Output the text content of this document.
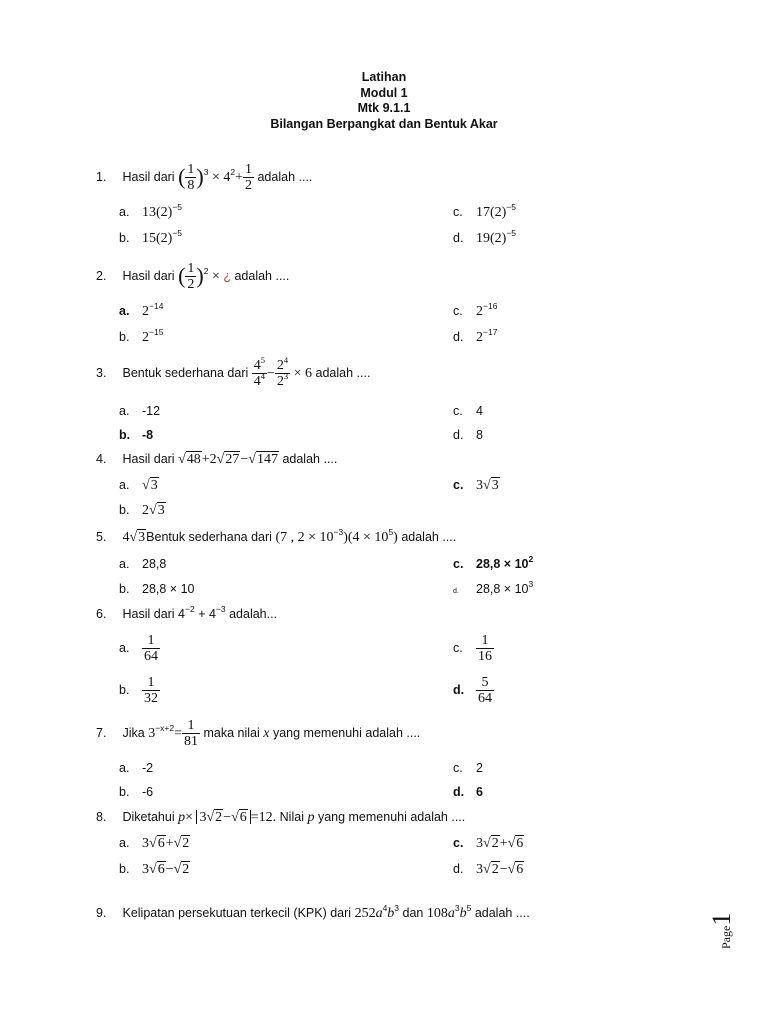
Latihan
Modul 1
Mtk 9.1.1
Bilangan Berpangkat dan Bentuk Akar
1. Hasil dari ( $\frac{1}{8} )^3 \times 4^2+ \frac{1}{2}$ adalah ....
a. $13(2)^{-5}$
b. $15(2)^{-5}$
c. $17(2)^{-5}$
d. $19(2)^{-5}$
2. Hasil dari ( $\frac{1}{2} )^2$ × ¿ adalah ....
a. $2^{-14}$
b. $2^{-15}$
c. $2^{-16}$
d. $2^{-17}$
3. Bentuk sederhana dari $\frac{4^5}{4^4} - \frac{2^4}{2^3} \times 6$ adalah ....
a. -12
b. -8
c. 4
d. 8
4. Hasil dari √48+2√27−√147 adalah ....
a. √3
b. 2√3
c. 3√3
5. 4√3Bentuk sederhana dari (7 , $2 \times 10^{-3})(4 \times 10^5)$ adalah ....
a. 28,8
b. 28,8 × 10
c. $28,8 \times 10^2$
d. $28,8 \times 10^3$
6. Hasil dari $4^{-2} + 4^{-3}$ adalah...
a. $\frac{1}{64}$
b. $\frac{1}{32}$
c. $\frac{1}{16}$
d. $\frac{5}{64}$
7. Jika $3^{-x+2}= \frac{1}{81}$ maka nilai x yang memenuhi adalah ....
a. -2
b. -6
c. 2
d. 6
8. Diketahui p× 3√2−√6 =12. Nilai p yang memenuhi adalah ....
a. 3√6+√2
b. 3√6−√2
c. 3√2+√6
d. 3√2−√6
9. Kelipatan persekutuan terkecil (KPK) dari $252a^4b^3$ dan $108a^3b^5$ adalah ....
Page1
